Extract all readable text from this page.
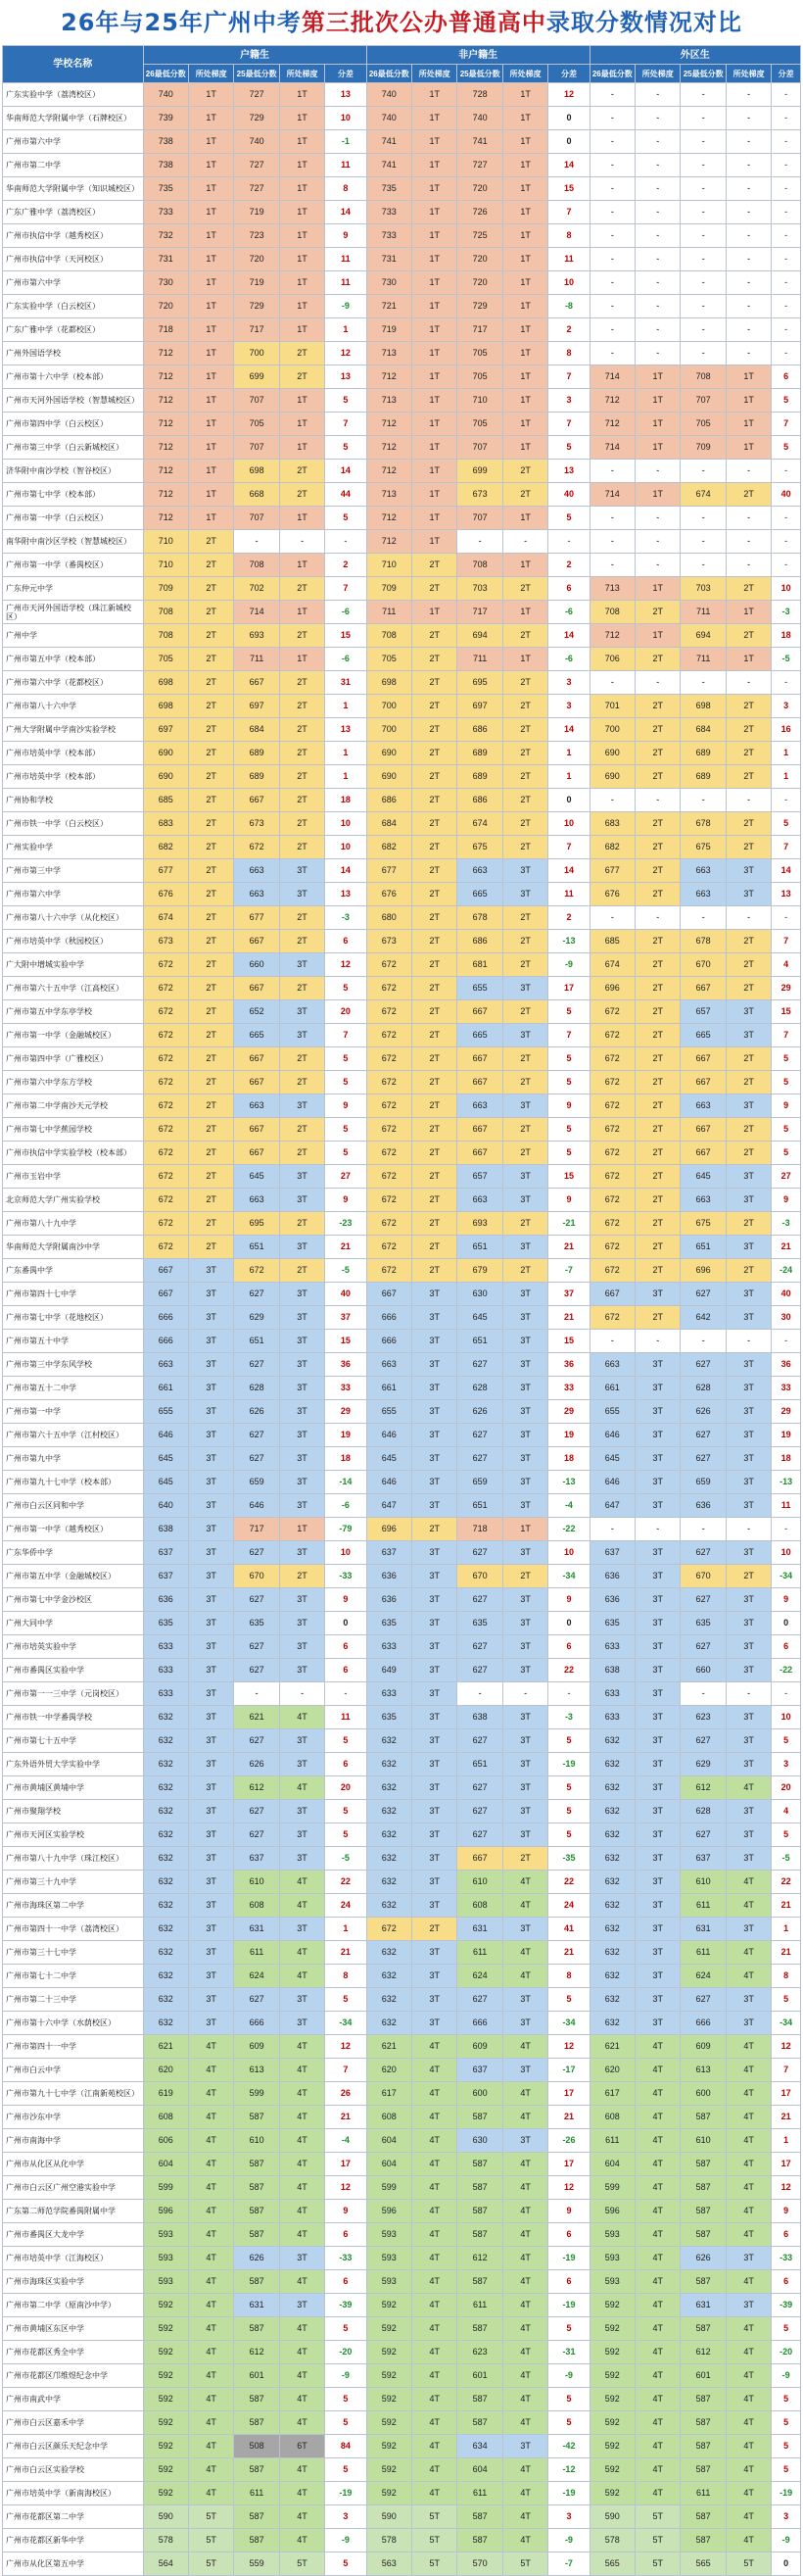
26年与25年广州中考第三批次公办普通高中录取分数情况对比
学校名称	户籍生					非户籍生					外区生				
	26最低分数	所处梯度	25最低分数	所处梯度	分差	26最低分数	所处梯度	25最低分数	所处梯度	分差	26最低分数	所处梯度	25最低分数	所处梯度	分差
广东实验中学（荔湾校区）	740	1T	727	1T	13	740	1T	728	1T	12	-	-	-	-	-
华南师范大学附属中学（石牌校区）	739	1T	729	1T	10	740	1T	740	1T	0	-	-	-	-	-
广州市第六中学	738	1T	740	1T	-1	741	1T	741	1T	0	-	-	-	-	-
广州市第二中学	738	1T	727	1T	11	741	1T	727	1T	14	-	-	-	-	-
华南师范大学附属中学（知识城校区）	735	1T	727	1T	8	735	1T	720	1T	15	-	-	-	-	-
广东广雅中学（荔湾校区）	733	1T	719	1T	14	733	1T	726	1T	7	-	-	-	-	-
广州市执信中学（越秀校区）	732	1T	723	1T	9	733	1T	725	1T	8	-	-	-	-	-
广州市执信中学（天河校区）	731	1T	720	1T	11	731	1T	720	1T	11	-	-	-	-	-
广州市第六中学	730	1T	719	1T	11	730	1T	720	1T	10	-	-	-	-	-
广东实验中学（白云校区）	720	1T	729	1T	-9	721	1T	729	1T	-8	-	-	-	-	-
广东广雅中学（花都校区）	718	1T	717	1T	1	719	1T	717	1T	2	-	-	-	-	-
广州外国语学校	712	1T	700	2T	12	713	1T	705	1T	8	-	-	-	-	-
广州市第十六中学（校本部）	712	1T	699	2T	13	712	1T	705	1T	7	714	1T	708	1T	6
广州市天河外国语学校（智慧城校区）	712	1T	707	1T	5	713	1T	710	1T	3	712	1T	707	1T	5
广州市第四中学（白云校区）	712	1T	705	1T	7	712	1T	705	1T	7	712	1T	705	1T	7
广州市第三中学（白云新城校区）	712	1T	707	1T	5	712	1T	707	1T	5	714	1T	709	1T	5
济华附中南沙学校（智谷校区）	712	1T	698	2T	14	712	1T	699	2T	13	-	-	-	-	-
广州市第七中学（校本部）	712	1T	668	2T	44	713	1T	673	2T	40	714	1T	674	2T	40
广州市第一中学（白云校区）	712	1T	707	1T	5	712	1T	707	1T	5	-	-	-	-	-
南华附中南沙区学校（智慧城校区）	710	2T	-	-	-	712	1T	-	-	-	-	-	-	-	-
广州市第一中学（番禺校区）	710	2T	708	1T	2	710	2T	708	1T	2	-	-	-	-	-
广东仲元中学	709	2T	702	2T	7	709	2T	703	2T	6	713	1T	703	2T	10
广州市天河外国语学校（珠江新城校区）	708	2T	714	1T	-6	711	1T	717	1T	-6	708	2T	711	1T	-3
广州中学	708	2T	693	2T	15	708	2T	694	2T	14	712	1T	694	2T	18
广州市第五中学（校本部）	705	2T	711	1T	-6	705	2T	711	1T	-6	706	2T	711	1T	-5
广州市第六中学（花都校区）	698	2T	667	2T	31	698	2T	695	2T	3	-	-	-	-	-
广州市第八十六中学	698	2T	697	2T	1	700	2T	697	2T	3	701	2T	698	2T	3
广州大学附属中学南沙实验学校	697	2T	684	2T	13	700	2T	686	2T	14	700	2T	684	2T	16
广州市培英中学（校本部）	690	2T	689	2T	1	690	2T	689	2T	1	690	2T	689	2T	1
广州市培英中学（校本部）	690	2T	689	2T	1	690	2T	689	2T	1	690	2T	689	2T	1
广州协和学校	685	2T	667	2T	18	686	2T	686	2T	0	-	-	-	-	-
广州市铁一中学（白云校区）	683	2T	673	2T	10	684	2T	674	2T	10	683	2T	678	2T	5
广州实验中学	682	2T	672	2T	10	682	2T	675	2T	7	682	2T	675	2T	7
广州市第三中学	677	2T	663	3T	14	677	2T	663	3T	14	677	2T	663	3T	14
广州市第六中学	676	2T	663	3T	13	676	2T	665	3T	11	676	2T	663	3T	13
广州市第八十六中学（从化校区）	674	2T	677	2T	-3	680	2T	678	2T	2	-	-	-	-	-
广州市培英中学（秋园校区）	673	2T	667	2T	6	673	2T	686	2T	-13	685	2T	678	2T	7
广大附中增城实验中学	672	2T	660	3T	12	672	2T	681	2T	-9	674	2T	670	2T	4
广州市第六十五中学（江高校区）	672	2T	667	2T	5	672	2T	655	3T	17	696	2T	667	2T	29
广州市第五中学东亭学校	672	2T	652	3T	20	672	2T	667	2T	5	672	2T	657	3T	15
广州市第一中学（金融城校区）	672	2T	665	3T	7	672	2T	665	3T	7	672	2T	665	3T	7
广州市第四中学（广雅校区）	672	2T	667	2T	5	672	2T	667	2T	5	672	2T	667	2T	5
广州市第六中学东方学校	672	2T	667	2T	5	672	2T	667	2T	5	672	2T	667	2T	5
广州市第二中学南沙天元学校	672	2T	663	3T	9	672	2T	663	3T	9	672	2T	663	3T	9
广州市第七中学蕉园学校	672	2T	667	2T	5	672	2T	667	2T	5	672	2T	667	2T	5
广州市执信中学实验学校（校本部）	672	2T	667	2T	5	672	2T	667	2T	5	672	2T	667	2T	5
广州市玉岩中学	672	2T	645	3T	27	672	2T	657	3T	15	672	2T	645	3T	27
北京师范大学广州实验学校	672	2T	663	3T	9	672	2T	663	3T	9	672	2T	663	3T	9
广州市第八十九中学	672	2T	695	2T	-23	672	2T	693	2T	-21	672	2T	675	2T	-3
华南师范大学附属南沙中学	672	2T	651	3T	21	672	2T	651	3T	21	672	2T	651	3T	21
广东番禺中学	667	3T	672	2T	-5	672	2T	679	2T	-7	672	2T	696	2T	-24
广州市第四十七中学	667	3T	627	3T	40	667	3T	630	3T	37	667	3T	627	3T	40
广州市第七中学（花地校区）	666	3T	629	3T	37	666	3T	645	3T	21	672	2T	642	3T	30
广州市第五十中学	666	3T	651	3T	15	666	3T	651	3T	15	-	-	-	-	-
广州市第三中学东风学校	663	3T	627	3T	36	663	3T	627	3T	36	663	3T	627	3T	36
广州市第五十二中学	661	3T	628	3T	33	661	3T	628	3T	33	661	3T	628	3T	33
广州市第一中学	655	3T	626	3T	29	655	3T	626	3T	29	655	3T	626	3T	29
广州市第六十五中学（江村校区）	646	3T	627	3T	19	646	3T	627	3T	19	646	3T	627	3T	19
广州市第九中学	645	3T	627	3T	18	645	3T	627	3T	18	645	3T	627	3T	18
广州市第九十七中学（校本部）	645	3T	659	3T	-14	646	3T	659	3T	-13	646	3T	659	3T	-13
广州市白云区同和中学	640	3T	646	3T	-6	647	3T	651	3T	-4	647	3T	636	3T	11
广州市第一中学（越秀校区）	638	3T	717	1T	-79	696	2T	718	1T	-22	-	-	-	-	-
广东华侨中学	637	3T	627	3T	10	637	3T	627	3T	10	637	3T	627	3T	10
广州市第五中学（金融城校区）	637	3T	670	2T	-33	636	3T	670	2T	-34	636	3T	670	2T	-34
广州市第七中学金沙校区	636	3T	627	3T	9	636	3T	627	3T	9	636	3T	627	3T	9
广州大同中学	635	3T	635	3T	0	635	3T	635	3T	0	635	3T	635	3T	0
广州市培英实验中学	633	3T	627	3T	6	633	3T	627	3T	6	633	3T	627	3T	6
广州市番禺区实验中学	633	3T	627	3T	6	649	3T	627	3T	22	638	3T	660	3T	-22
广州市第一一三中学（元岗校区）	633	3T	-	-	-	633	3T	-	-	-	633	3T	-	-	-
广州市铁一中学番禺学校	632	3T	621	4T	11	635	3T	638	3T	-3	633	3T	623	3T	10
广州市第七十五中学	632	3T	627	3T	5	632	3T	627	3T	5	632	3T	627	3T	5
广东外语外贸大学实验中学	632	3T	626	3T	6	632	3T	651	3T	-19	632	3T	629	3T	3
广州市黄埔区黄埔中学	632	3T	612	4T	20	632	3T	627	3T	5	632	3T	612	4T	20
广州市聚翔学校	632	3T	627	3T	5	632	3T	627	3T	5	632	3T	628	3T	4
广州市天河区实验学校	632	3T	627	3T	5	632	3T	627	3T	5	632	3T	627	3T	5
广州市第八十九中学（珠江校区）	632	3T	637	3T	-5	632	3T	667	2T	-35	632	3T	637	3T	-5
广州市第三十九中学	632	3T	610	4T	22	632	3T	610	4T	22	632	3T	610	4T	22
广州市海珠区第二中学	632	3T	608	4T	24	632	3T	608	4T	24	632	3T	611	4T	21
广州市第四十一中学（荔湾校区）	632	3T	631	3T	1	672	2T	631	3T	41	632	3T	631	3T	1
广州市第三十七中学	632	3T	611	4T	21	632	3T	611	4T	21	632	3T	611	4T	21
广州市第七十二中学	632	3T	624	4T	8	632	3T	624	4T	8	632	3T	624	4T	8
广州市第二十三中学	632	3T	627	3T	5	632	3T	627	3T	5	632	3T	627	3T	5
广州市第十六中学（水荫校区）	632	3T	666	3T	-34	632	3T	666	3T	-34	632	3T	666	3T	-34
广州市第四十一中学	621	4T	609	4T	12	621	4T	609	4T	12	621	4T	609	4T	12
广州市白云中学	620	4T	613	4T	7	620	4T	637	3T	-17	620	4T	613	4T	7
广州市第九十七中学（江南新苑校区）	619	4T	599	4T	26	617	4T	600	4T	17	617	4T	600	4T	17
广州市沙东中学	608	4T	587	4T	21	608	4T	587	4T	21	608	4T	587	4T	21
广州市南海中学	606	4T	610	4T	-4	604	4T	630	3T	-26	611	4T	610	4T	1
广州市从化区从化中学	604	4T	587	4T	17	604	4T	587	4T	17	604	4T	587	4T	17
广州市白云区广州空港实验中学	599	4T	587	4T	12	599	4T	587	4T	12	599	4T	587	4T	12
广东第二师范学院番禺附属中学	596	4T	587	4T	9	596	4T	587	4T	9	596	4T	587	4T	9
广州市番禺区大龙中学	593	4T	587	4T	6	593	4T	587	4T	6	593	4T	587	4T	6
广州市培英中学（江海校区）	593	4T	626	3T	-33	593	4T	612	4T	-19	593	4T	626	3T	-33
广州市海珠区实验中学	593	4T	587	4T	6	593	4T	587	4T	6	593	4T	587	4T	6
广州市第二中学（原南沙中学）	592	4T	631	3T	-39	592	4T	611	4T	-19	592	4T	631	3T	-39
广州市黄埔区东区中学	592	4T	587	4T	5	592	4T	587	4T	5	592	4T	587	4T	5
广州市花都区秀全中学	592	4T	612	4T	-20	592	4T	623	4T	-31	592	4T	612	4T	-20
广州市花都区邝维煜纪念中学	592	4T	601	4T	-9	592	4T	601	4T	-9	592	4T	601	4T	-9
广州市南武中学	592	4T	587	4T	5	592	4T	587	4T	5	592	4T	587	4T	5
广州市白云区嘉禾中学	592	4T	587	4T	5	592	4T	587	4T	5	592	4T	587	4T	5
广州市白云区颜乐天纪念中学	592	4T	508	6T	84	592	4T	634	3T	-42	592	4T	587	4T	5
广州市白云区实验学校	592	4T	587	4T	5	592	4T	604	4T	-12	592	4T	587	4T	5
广州市培英中学（新南海校区）	592	4T	611	4T	-19	592	4T	611	4T	-19	592	4T	611	4T	-19
广州市花都区第二中学	590	5T	587	4T	3	590	5T	587	4T	3	590	5T	587	4T	3
广州市花都区新华中学	578	5T	587	4T	-9	578	5T	587	4T	-9	578	5T	587	4T	-9
广州市从化区第五中学	564	5T	559	5T	5	563	5T	570	5T	-7	565	5T	565	5T	0
